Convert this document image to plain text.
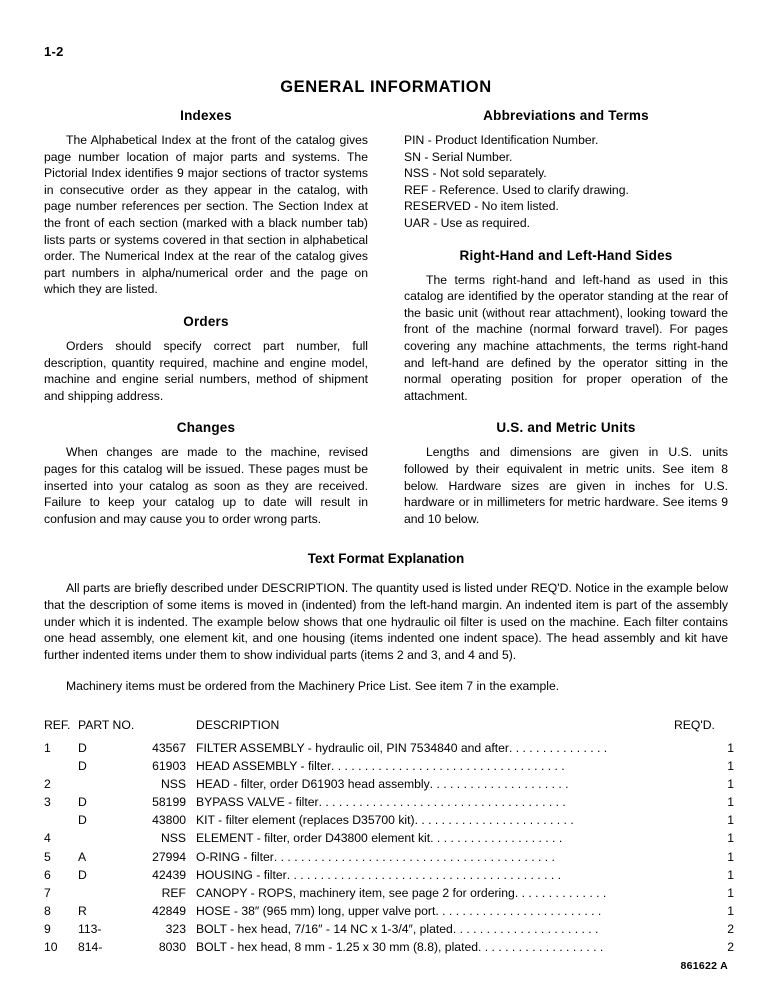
1-2
GENERAL INFORMATION
Indexes

The Alphabetical Index at the front of the catalog gives page number location of major parts and systems. The Pictorial Index identifies 9 major sections of tractor systems in consecutive order as they appear in the catalog, with page number references per section. The Section Index at the front of each section (marked with a black number tab) lists parts or systems covered in that section in alphabetical order. The Numerical Index at the rear of the catalog gives part numbers in alpha/numerical order and the page on which they are listed.

Orders

Orders should specify correct part number, full description, quantity required, machine and engine model, machine and engine serial numbers, method of shipment and shipping address.

Changes

When changes are made to the machine, revised pages for this catalog will be issued. These pages must be inserted into your catalog as soon as they are received. Failure to keep your catalog up to date will result in confusion and may cause you to order wrong parts.

Abbreviations and Terms
PIN - Product Identification Number.
SN - Serial Number.
NSS - Not sold separately.
REF - Reference. Used to clarify drawing.
RESERVED - No item listed.
UAR - Use as required.
Right-Hand and Left-Hand Sides

The terms right-hand and left-hand as used in this catalog are identified by the operator standing at the rear of the basic unit (without rear attachment), looking toward the front of the machine (normal forward travel). For pages covering any machine attachments, the terms right-hand and left-hand are defined by the operator sitting in the normal operating position for proper operation of the attachment.

U.S. and Metric Units

Lengths and dimensions are given in U.S. units followed by their equivalent in metric units. See item 8 below. Hardware sizes are given in inches for U.S. hardware or in millimeters for metric hardware. See items 9 and 10 below.

Text Format Explanation

All parts are briefly described under DESCRIPTION. The quantity used is listed under REQ'D. Notice in the example below that the description of some items is moved in (indented) from the left-hand margin. An indented item is part of the assembly under which it is indented. The example below shows that one hydraulic oil filter is used on the machine. Each filter contains one head assembly, one element kit, and one housing (items indented one indent space). The head assembly and kit have further indented items under them to show individual parts (items 2 and 3, and 4 and 5).

Machinery items must be ordered from the Machinery Price List. See item 7 in the example.

REF.	PART NO.		DESCRIPTION	REQ'D.
1	D	43567	FILTER ASSEMBLY - hydraulic oil, PIN 7534840 and after. . . . . . . . . . . . . . .	1
	D	61903	HEAD ASSEMBLY - filter. . . . . . . . . . . . . . . . . . . . . . . . . . . . . . . . . . .	1
2		NSS	HEAD - filter, order D61903 head assembly. . . . . . . . . . . . . . . . . . . . .	1
3	D	58199	BYPASS VALVE - filter. . . . . . . . . . . . . . . . . . . . . . . . . . . . . . . . . . . . .	1
	D	43800	KIT - filter element (replaces D35700 kit). . . . . . . . . . . . . . . . . . . . . . . .	1
4		NSS	ELEMENT - filter, order D43800 element kit. . . . . . . . . . . . . . . . . . . .	1
5	A	27994	O-RING - filter. . . . . . . . . . . . . . . . . . . . . . . . . . . . . . . . . . . . . . . . . .	1
6	D	42439	HOUSING - filter. . . . . . . . . . . . . . . . . . . . . . . . . . . . . . . . . . . . . . . . .	1
7		REF	CANOPY - ROPS, machinery item, see page 2 for ordering. . . . . . . . . . . . . .	1
8	R	42849	HOSE - 38″ (965 mm) long, upper valve port. . . . . . . . . . . . . . . . . . . . . . . . .	1
9	113-	323	BOLT - hex head, 7/16″ - 14 NC x 1-3/4″, plated. . . . . . . . . . . . . . . . . . . . . .	2
10	814-	8030	BOLT - hex head, 8 mm - 1.25 x 30 mm (8.8), plated. . . . . . . . . . . . . . . . . . .	2
861622 A
